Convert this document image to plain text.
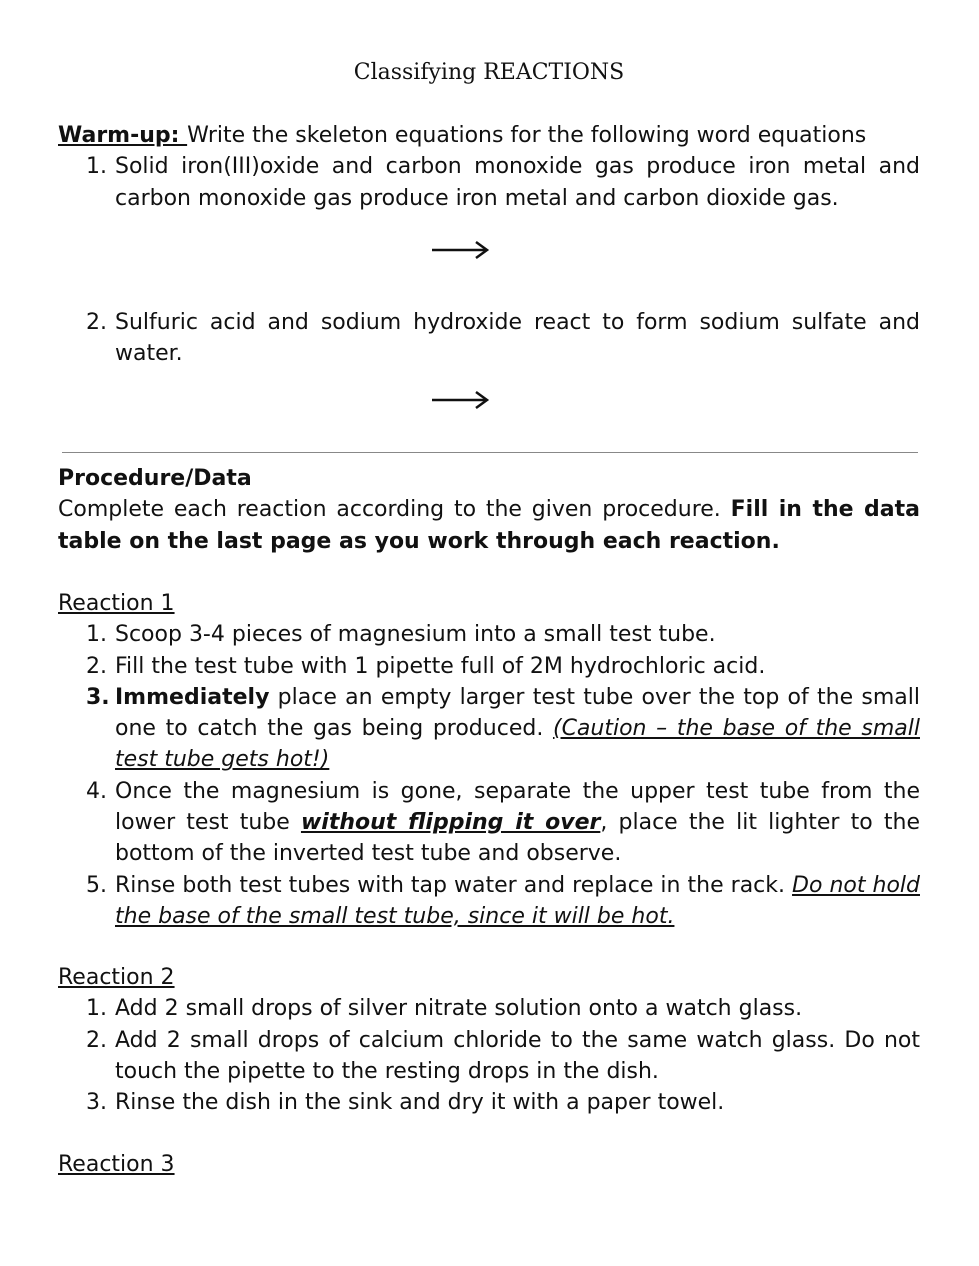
Classifying REACTIONS
Warm-up: Write the skeleton equations for the following word equations
1. Solid iron(III)oxide and carbon monoxide gas produce iron metal and carbon monoxide gas produce iron metal and carbon dioxide gas.
2. Sulfuric acid and sodium hydroxide react to form sodium sulfate and water.
Procedure/Data
Complete each reaction according to the given procedure. Fill in the data table on the last page as you work through each reaction.
Reaction 1
1. Scoop 3-4 pieces of magnesium into a small test tube.
2. Fill the test tube with 1 pipette full of 2M hydrochloric acid.
3. Immediately place an empty larger test tube over the top of the small one to catch the gas being produced. (Caution – the base of the small test tube gets hot!)
4. Once the magnesium is gone, separate the upper test tube from the lower test tube without flipping it over, place the lit lighter to the bottom of the inverted test tube and observe.
5. Rinse both test tubes with tap water and replace in the rack. Do not hold the base of the small test tube, since it will be hot.
Reaction 2
1. Add 2 small drops of silver nitrate solution onto a watch glass.
2. Add 2 small drops of calcium chloride to the same watch glass. Do not touch the pipette to the resting drops in the dish.
3. Rinse the dish in the sink and dry it with a paper towel.
Reaction 3
